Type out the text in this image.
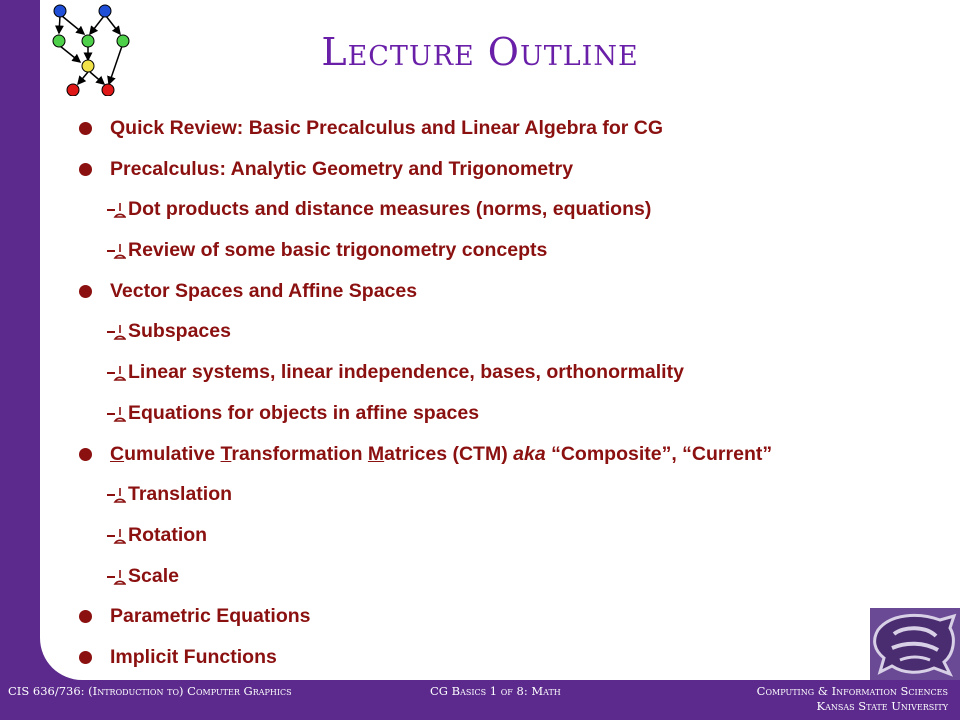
Lecture Outline
Quick Review: Basic Precalculus and Linear Algebra for CG
Precalculus: Analytic Geometry and Trigonometry
Dot products and distance measures (norms, equations)
Review of some basic trigonometry concepts
Vector Spaces and Affine Spaces
Subspaces
Linear systems, linear independence, bases, orthonormality
Equations for objects in affine spaces
Cumulative Transformation Matrices (CTM) aka “Composite”, “Current”
Translation
Rotation
Scale
Parametric Equations
Implicit Functions
CIS 636/736: (Introduction to) Computer Graphics	CG Basics 1 of 8: Math	Computing & Information Sciences
Kansas State University
